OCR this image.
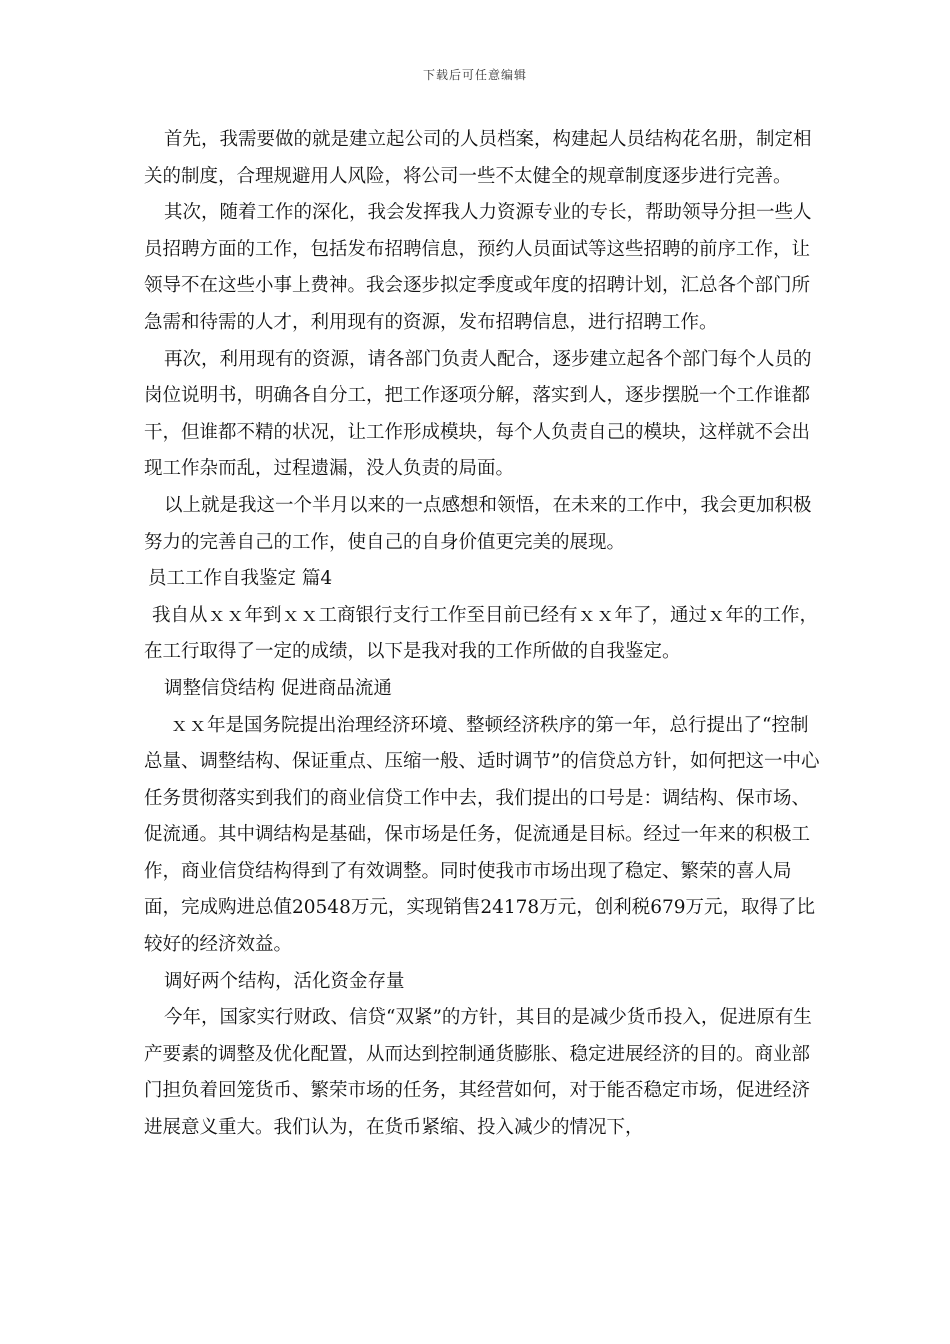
下载后可任意编辑

首先，我需要做的就是建立起公司的人员档案，构建起人员结构花名册，制定相关的制度，合理规避用人风险，将公司一些不太健全的规章制度逐步进行完善。

其次，随着工作的深化，我会发挥我人力资源专业的专长，帮助领导分担一些人员招聘方面的工作，包括发布招聘信息，预约人员面试等这些招聘的前序工作，让领导不在这些小事上费神。我会逐步拟定季度或年度的招聘计划，汇总各个部门所急需和待需的人才，利用现有的资源，发布招聘信息，进行招聘工作。

再次，利用现有的资源，请各部门负责人配合，逐步建立起各个部门每个人员的岗位说明书，明确各自分工，把工作逐项分解，落实到人，逐步摆脱一个工作谁都干，但谁都不精的状况，让工作形成模块，每个人负责自己的模块，这样就不会出现工作杂而乱，过程遗漏，没人负责的局面。

以上就是我这一个半月以来的一点感想和领悟，在未来的工作中，我会更加积极努力的完善自己的工作，使自己的自身价值更完美的展现。

员工工作自我鉴定 篇4

我自从ｘｘ年到ｘｘ工商银行支行工作至目前已经有ｘｘ年了，通过ｘ年的工作，在工行取得了一定的成绩，以下是我对我的工作所做的自我鉴定。

调整信贷结构 促进商品流通

ｘｘ年是国务院提出治理经济环境、整顿经济秩序的第一年，总行提出了“控制总量、调整结构、保证重点、压缩一般、适时调节”的信贷总方针，如何把这一中心任务贯彻落实到我们的商业信贷工作中去，我们提出的口号是：调结构、保市场、促流通。其中调结构是基础，保市场是任务，促流通是目标。经过一年来的积极工作，商业信贷结构得到了有效调整。同时使我市市场出现了稳定、繁荣的喜人局面，完成购进总值20548万元，实现销售24178万元，创利税679万元，取得了比较好的经济效益。

调好两个结构，活化资金存量

今年，国家实行财政、信贷“双紧”的方针，其目的是减少货币投入，促进原有生产要素的调整及优化配置，从而达到控制通货膨胀、稳定进展经济的目的。商业部门担负着回笼货币、繁荣市场的任务，其经营如何，对于能否稳定市场，促进经济进展意义重大。我们认为，在货币紧缩、投入减少的情况下，
